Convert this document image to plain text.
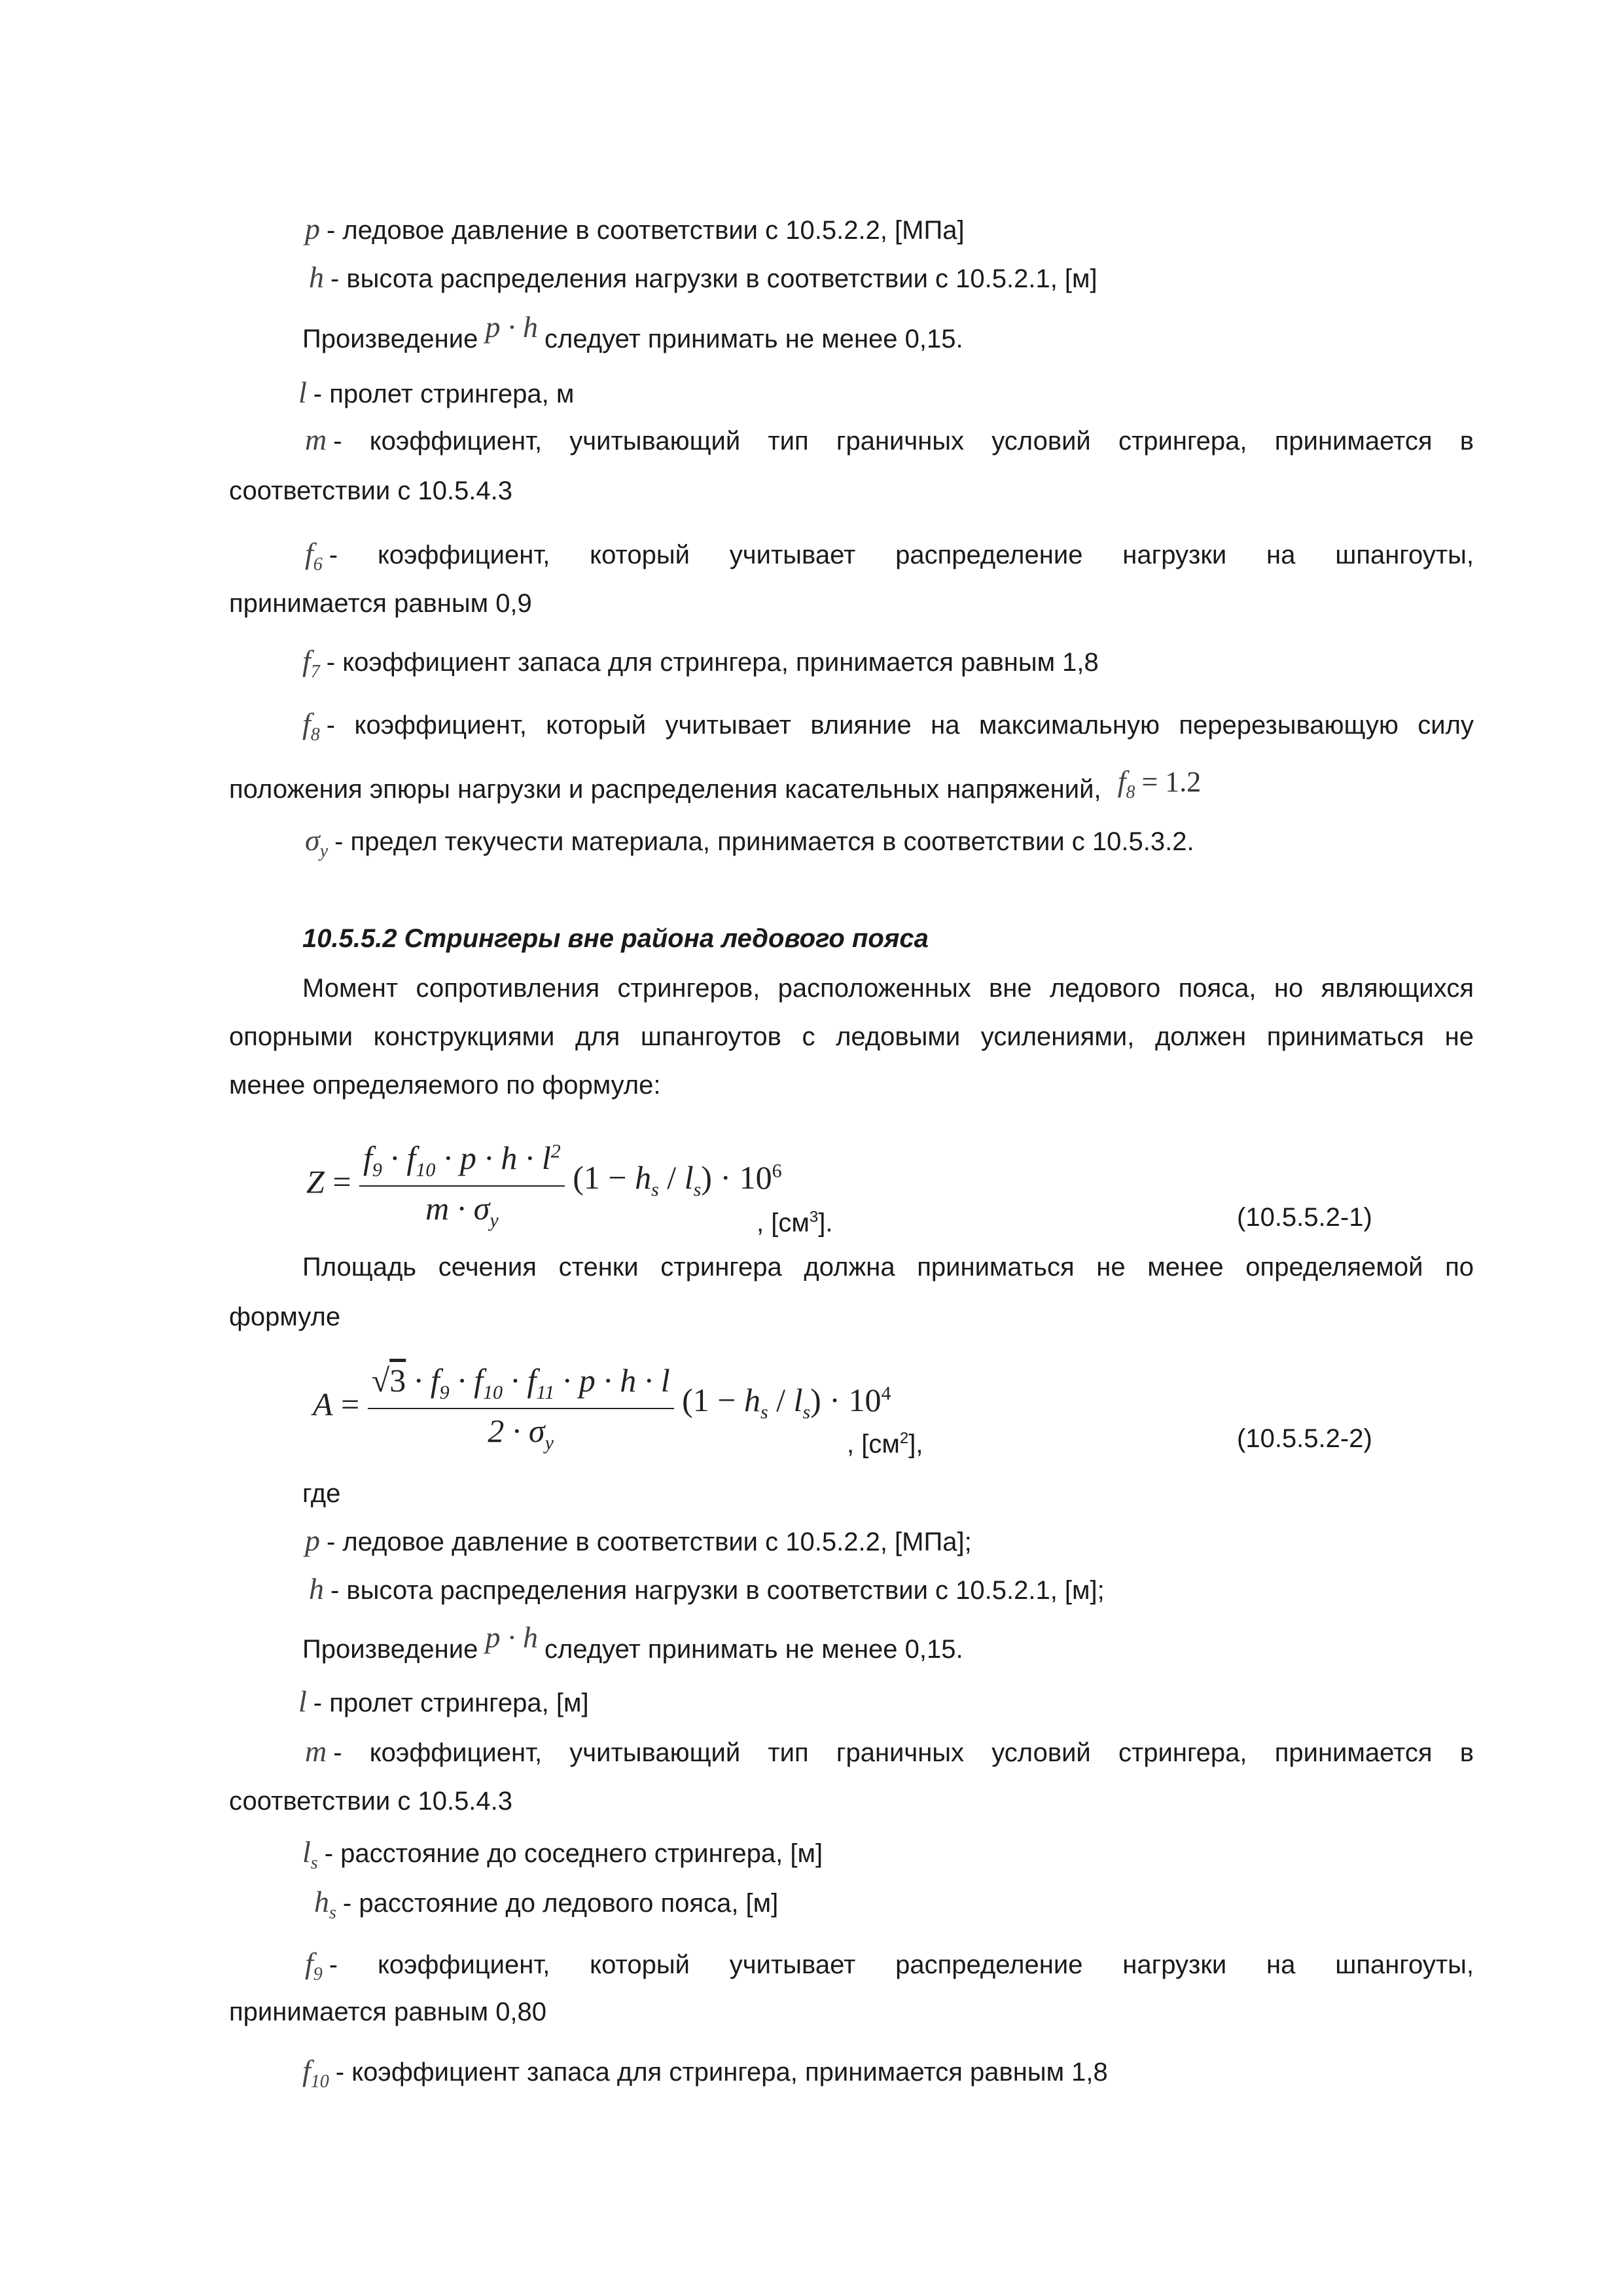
p - ледовое давление в соответствии с 10.5.2.2, [МПа]
h - высота распределения нагрузки в соответствии с 10.5.2.1, [м]
Произведение p · h следует принимать не менее 0,15.
l - пролет стрингера, м
m - коэффициент, учитывающий тип граничных условий стрингера, принимается в
соответствии с 10.5.4.3
$f_6$ - коэффициент, который учитывает распределение нагрузки на шпангоуты,
принимается равным 0,9
$f_7$ - коэффициент запаса для стрингера, принимается равным 1,8
$f_8$ - коэффициент, который учитывает влияние на максимальную перерезывающую силу
положения эпюры нагрузки и распределения касательных напряжений, $f_8 = 1.2$
$\sigma_y$ - предел текучести материала, принимается в соответствии с 10.5.3.2.
10.5.5.2 Стрингеры вне района ледового пояса
Момент сопротивления стрингеров, расположенных вне ледового пояса, но являющихся
опорными конструкциями для шпангоутов с ледовыми усилениями, должен приниматься не
менее определяемого по формуле:
$Z = \frac{f_9 \cdot f_{10} \cdot p \cdot h \cdot l^2}{m \cdot \sigma_y} (1 - h_s / l_s) \cdot 10^6$
, $[см^3]$.	(10.5.5.2-1)
Площадь сечения стенки стрингера должна приниматься не менее определяемой по
формуле
$A = \frac{√3 \cdot f_9 \cdot f_{10} \cdot f_{11} \cdot p \cdot h \cdot l}{2 \cdot \sigma_y} (1 - h_s / l_s) \cdot 10^4$
, $[см^2]$,	(10.5.5.2-2)
где
p - ледовое давление в соответствии с 10.5.2.2, [МПа];
h - высота распределения нагрузки в соответствии с 10.5.2.1, [м];
Произведение p · h следует принимать не менее 0,15.
l - пролет стрингера, [м]
m - коэффициент, учитывающий тип граничных условий стрингера, принимается в
соответствии с 10.5.4.3
$l_s$ - расстояние до соседнего стрингера, [м]
$h_s$ - расстояние до ледового пояса, [м]
$f_9$ - коэффициент, который учитывает распределение нагрузки на шпангоуты,
принимается равным 0,80
$f_{10}$ - коэффициент запаса для стрингера, принимается равным 1,8
